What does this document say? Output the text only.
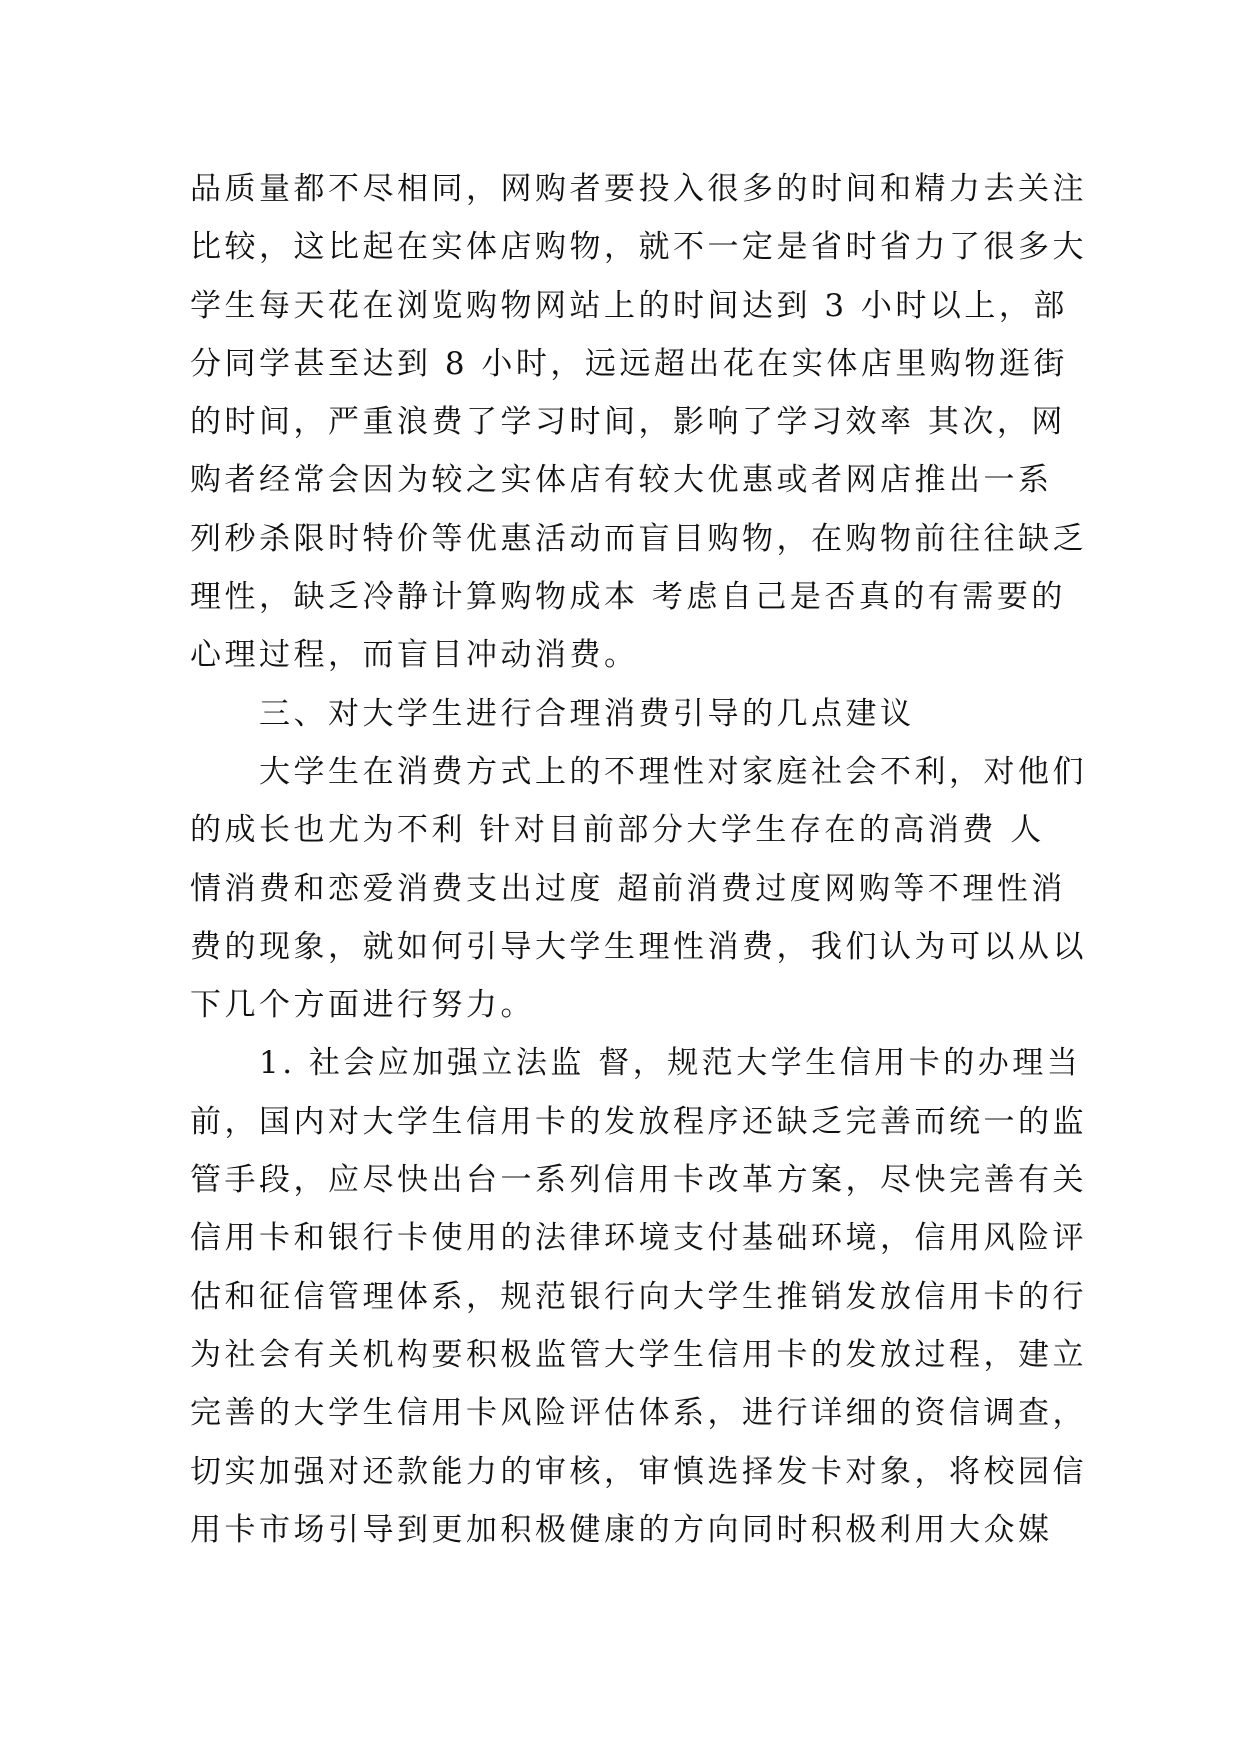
品质量都不尽相同，网购者要投入很多的时间和精力去关注
比较，这比起在实体店购物，就不一定是省时省力了很多大
学生每天花在浏览购物网站上的时间达到 3 小时以上，部
分同学甚至达到 8 小时，远远超出花在实体店里购物逛街
的时间，严重浪费了学习时间，影响了学习效率 其次，网
购者经常会因为较之实体店有较大优惠或者网店推出一系
列秒杀限时特价等优惠活动而盲目购物，在购物前往往缺乏
理性，缺乏冷静计算购物成本 考虑自己是否真的有需要的
心理过程，而盲目冲动消费。
　　三、对大学生进行合理消费引导的几点建议
　　大学生在消费方式上的不理性对家庭社会不利，对他们
的成长也尤为不利 针对目前部分大学生存在的高消费 人
情消费和恋爱消费支出过度 超前消费过度网购等不理性消
费的现象，就如何引导大学生理性消费，我们认为可以从以
下几个方面进行努力。
　　1. 社会应加强立法监 督，规范大学生信用卡的办理当
前，国内对大学生信用卡的发放程序还缺乏完善而统一的监
管手段，应尽快出台一系列信用卡改革方案，尽快完善有关
信用卡和银行卡使用的法律环境支付基础环境，信用风险评
估和征信管理体系，规范银行向大学生推销发放信用卡的行
为社会有关机构要积极监管大学生信用卡的发放过程，建立
完善的大学生信用卡风险评估体系，进行详细的资信调查，
切实加强对还款能力的审核，审慎选择发卡对象，将校园信
用卡市场引导到更加积极健康的方向同时积极利用大众媒
